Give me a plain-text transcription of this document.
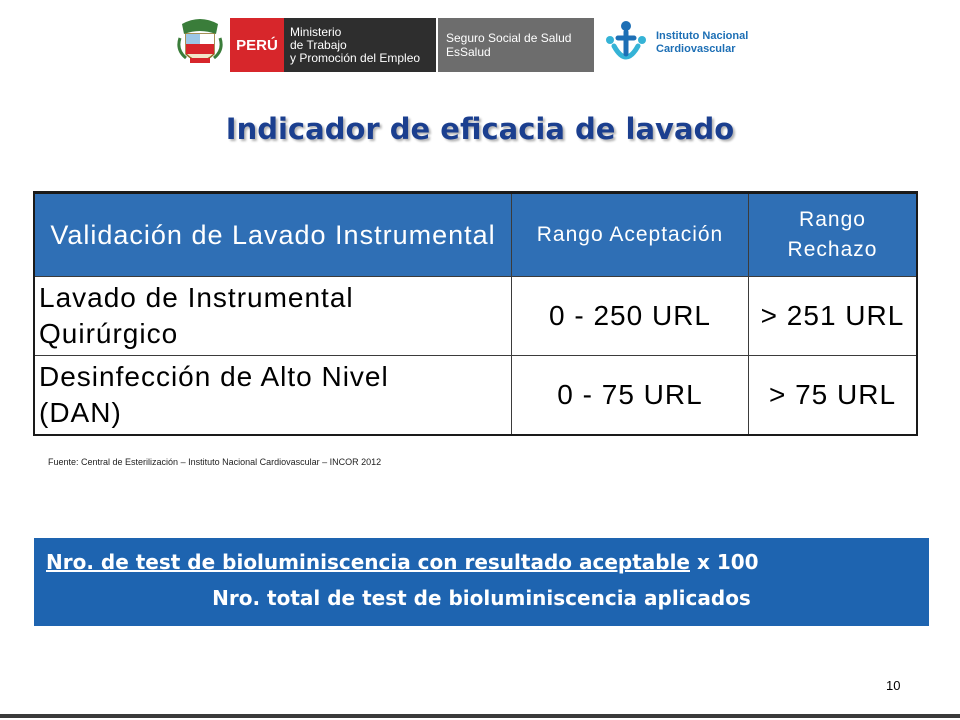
PERÚ
Ministerio
de Trabajo
y Promoción del Empleo
Seguro Social de Salud
EsSalud
Instituto Nacional
Cardiovascular
Indicador de eficacia de lavado
Validación de Lavado Instrumental	Rango Aceptación	Rango Rechazo
Lavado de Instrumental
Quirúrgico	0 - 250 URL	> 251 URL
Desinfección de Alto Nivel
(DAN)	0 - 75 URL	> 75 URL
Fuente: Central de Esterilización – Instituto Nacional Cardiovascular – INCOR 2012
Nro. de test de bioluminiscencia con resultado aceptable x 100
Nro. total de test de bioluminiscencia aplicados
10
